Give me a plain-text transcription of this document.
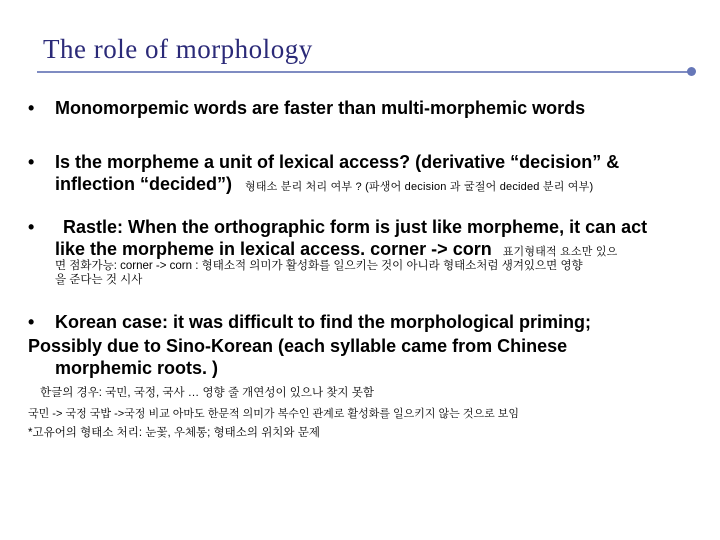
The role of morphology
• Monomorpemic words are faster than multi-morphemic words
• Is the morpheme a unit of lexical access? (derivative “decision” &
inflection “decided”) 형태소 분리 처리 여부 ? (파생어 decision 과 굴절어 decided 분리 여부)
• Rastle: When the orthographic form is just like morpheme, it can act
like the morpheme in lexical access. corner -> corn 표기형태적 요소만 있으
면 점화가능: corner -> corn : 형태소적 의미가 활성화를 일으키는 것이 아니라 형태소처럼 생겨있으면 영향
을 준다는 것 시사
• Korean case: it was difficult to find the morphological priming;
Possibly due to Sino-Korean (each syllable came from Chinese
morphemic roots. )
한글의 경우: 국민, 국정, 국사 … 영향 줄 개연성이 있으나 찾지 못함
국민 -> 국정 국밥 ->국정 비교 아마도 한문적 의미가 복수인 관계로 활성화를 일으키지 않는 것으로 보임
*고유어의 형태소 처리: 눈꽃, 우체통; 형태소의 위치와 문제
